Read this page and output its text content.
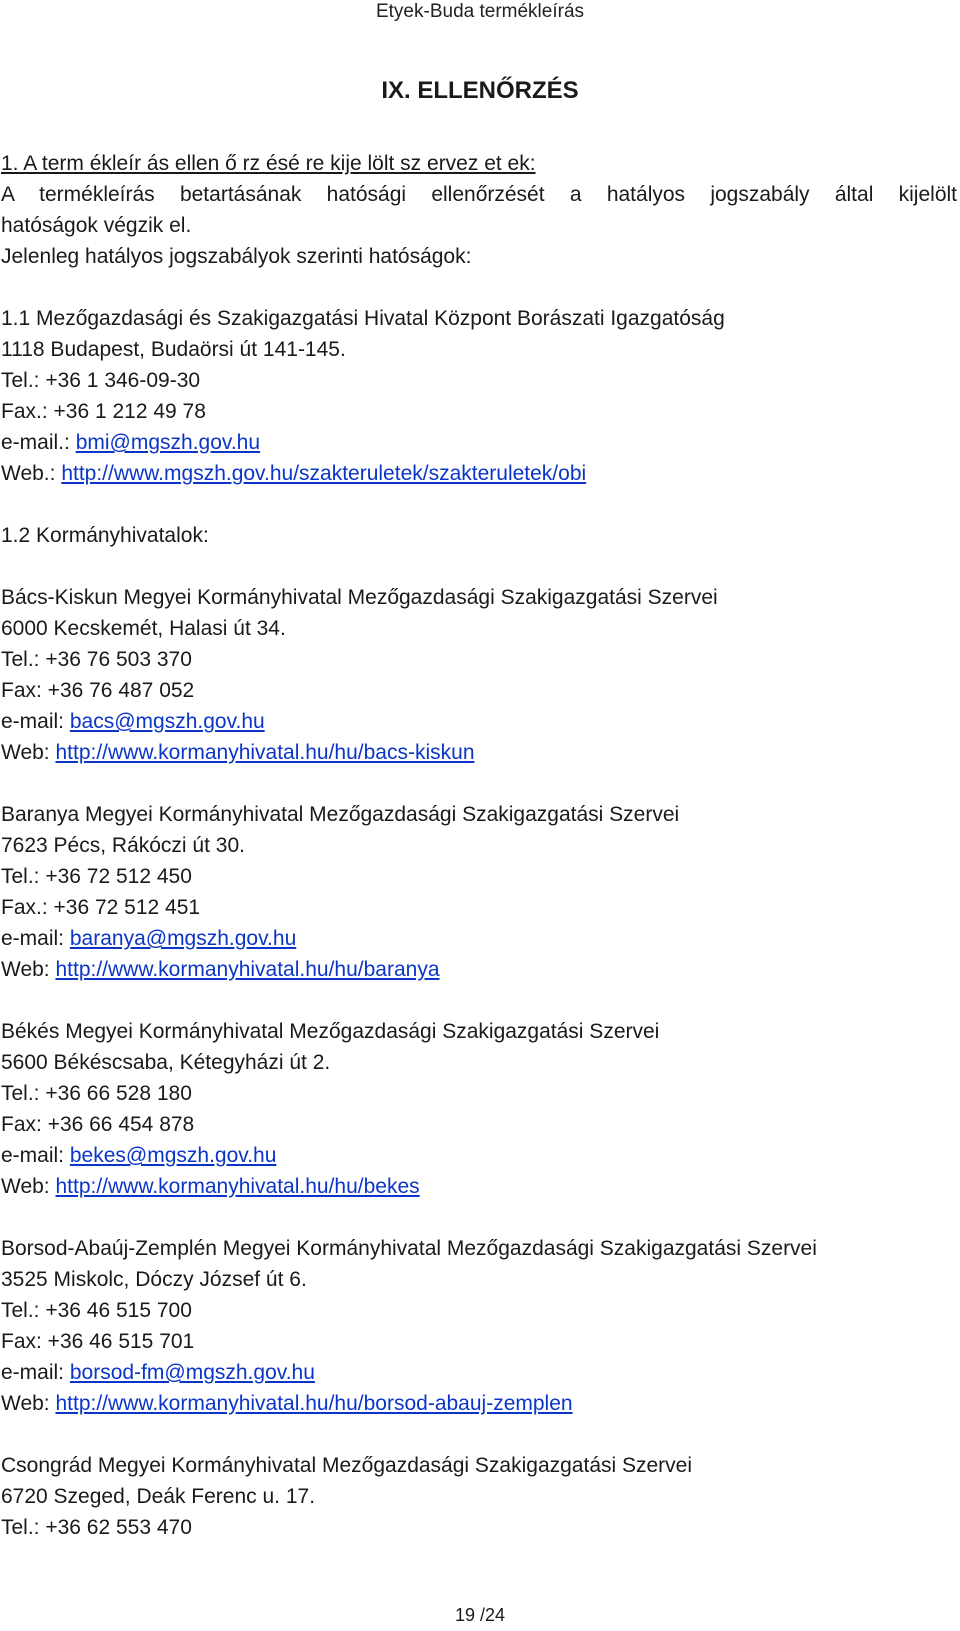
Etyek-Buda termékleírás
IX. ELLENŐRZÉS
1. A term ékleír ás ellen ő rz ésé re kije lölt sz ervez et ek:
A termékleírás betartásának hatósági ellenőrzését a hatályos jogszabály által kijelölt
hatóságok végzik el.
Jelenleg hatályos jogszabályok szerinti hatóságok:
1.1 Mezőgazdasági és Szakigazgatási Hivatal Központ Borászati Igazgatóság
1118 Budapest, Budaörsi út 141-145.
Tel.: +36 1 346-09-30
Fax.: +36 1 212 49 78
e-mail.: bmi@mgszh.gov.hu
Web.: http://www.mgszh.gov.hu/szakteruletek/szakteruletek/obi
1.2 Kormányhivatalok:
Bács-Kiskun Megyei Kormányhivatal Mezőgazdasági Szakigazgatási Szervei
6000 Kecskemét, Halasi út 34.
Tel.: +36 76 503 370
Fax: +36 76 487 052
e-mail: bacs@mgszh.gov.hu
Web: http://www.kormanyhivatal.hu/hu/bacs-kiskun
Baranya Megyei Kormányhivatal Mezőgazdasági Szakigazgatási Szervei
7623 Pécs, Rákóczi út 30.
Tel.: +36 72 512 450
Fax.: +36 72 512 451
e-mail: baranya@mgszh.gov.hu
Web: http://www.kormanyhivatal.hu/hu/baranya
Békés Megyei Kormányhivatal Mezőgazdasági Szakigazgatási Szervei
5600 Békéscsaba, Kétegyházi út 2.
Tel.: +36 66 528 180
Fax: +36 66 454 878
e-mail: bekes@mgszh.gov.hu
Web: http://www.kormanyhivatal.hu/hu/bekes
Borsod-Abaúj-Zemplén Megyei Kormányhivatal Mezőgazdasági Szakigazgatási Szervei
3525 Miskolc, Dóczy József út 6.
Tel.: +36 46 515 700
Fax: +36 46 515 701
e-mail: borsod-fm@mgszh.gov.hu
Web: http://www.kormanyhivatal.hu/hu/borsod-abauj-zemplen
Csongrád Megyei Kormányhivatal Mezőgazdasági Szakigazgatási Szervei
6720 Szeged, Deák Ferenc u. 17.
Tel.: +36 62 553 470
19 /24
